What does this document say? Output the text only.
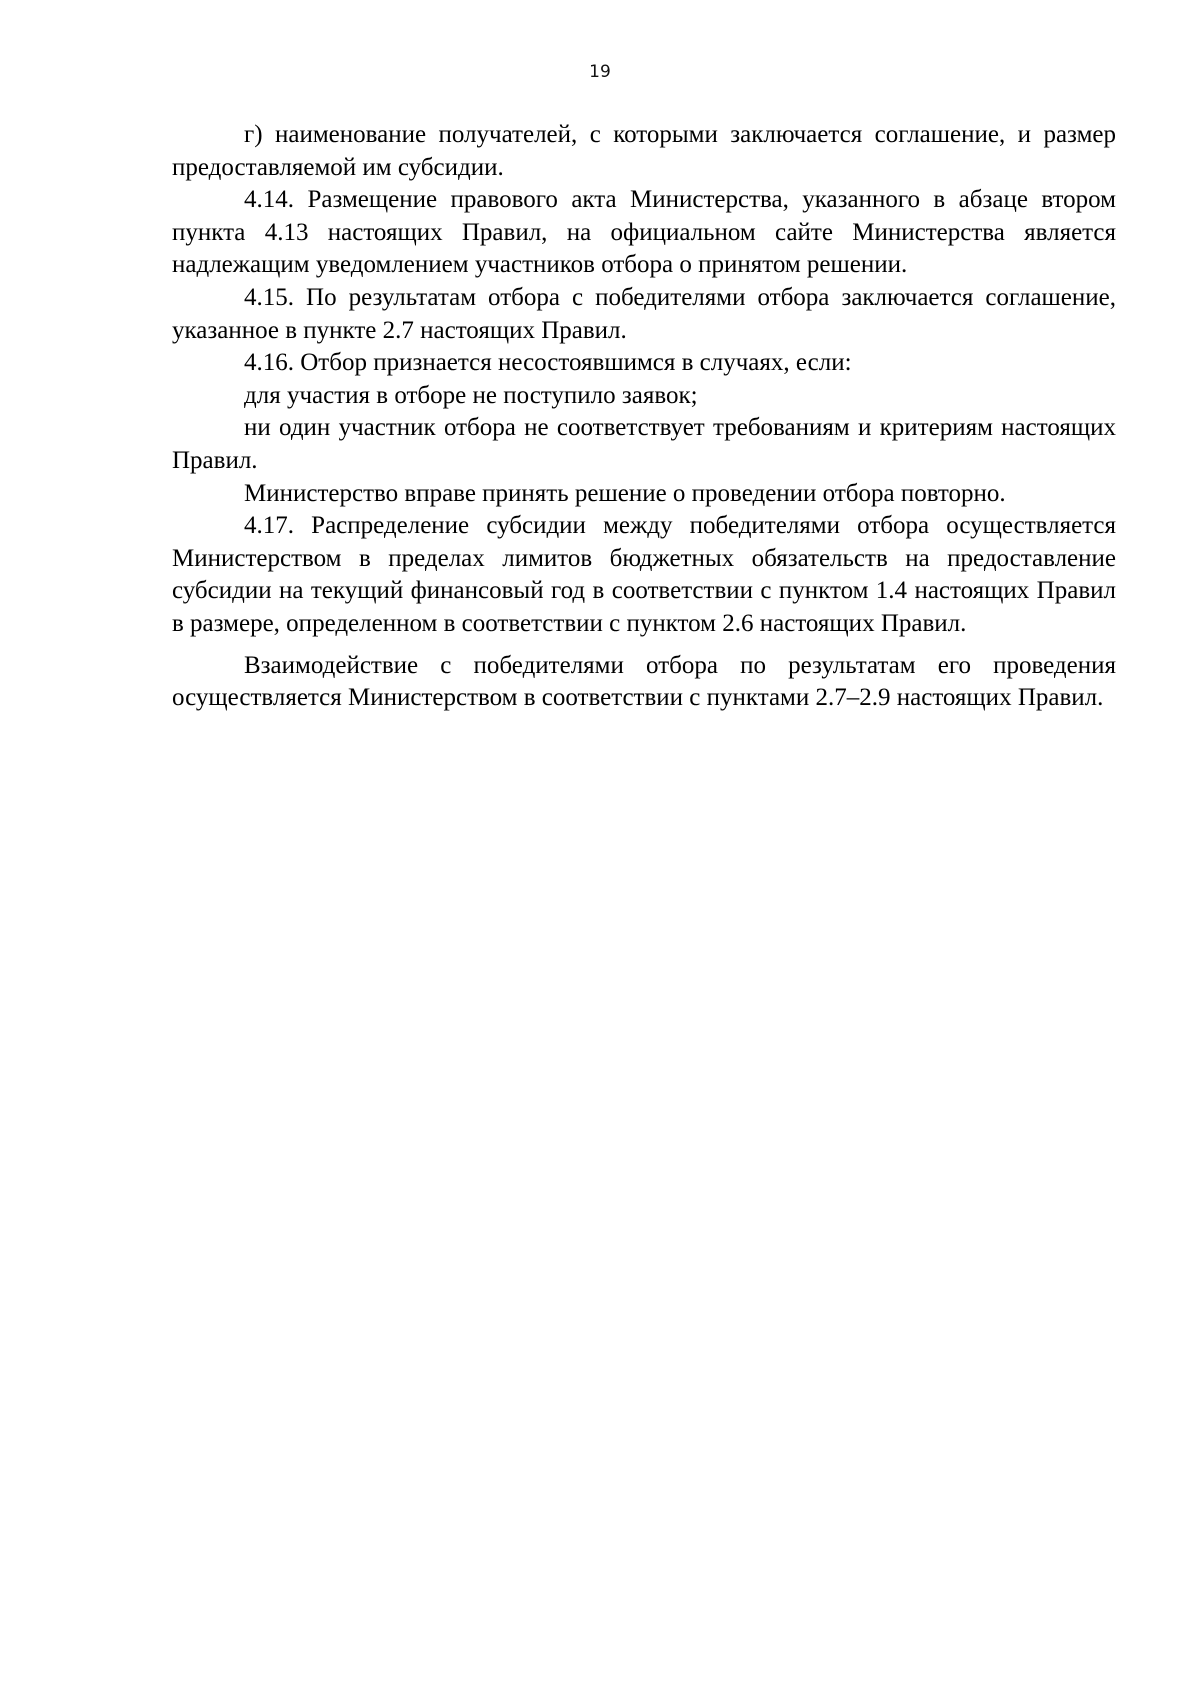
19

г) наименование получателей, с которыми заключается соглашение, и размер предоставляемой им субсидии.

4.14. Размещение правового акта Министерства, указанного в абзаце втором пункта 4.13 настоящих Правил, на официальном сайте Министерства является надлежащим уведомлением участников отбора о принятом решении.

4.15. По результатам отбора с победителями отбора заключается соглашение, указанное в пункте 2.7 настоящих Правил.

4.16. Отбор признается несостоявшимся в случаях, если:

для участия в отборе не поступило заявок;

ни один участник отбора не соответствует требованиям и критериям настоящих Правил.

Министерство вправе принять решение о проведении отбора повторно.

4.17. Распределение субсидии между победителями отбора осуществляется Министерством в пределах лимитов бюджетных обязательств на предоставление субсидии на текущий финансовый год в соответствии с пунктом 1.4 настоящих Правил в размере, определенном в соответствии с пунктом 2.6 настоящих Правил.

Взаимодействие с победителями отбора по результатам его проведения осуществляется Министерством в соответствии с пунктами 2.7–2.9 настоящих Правил.
